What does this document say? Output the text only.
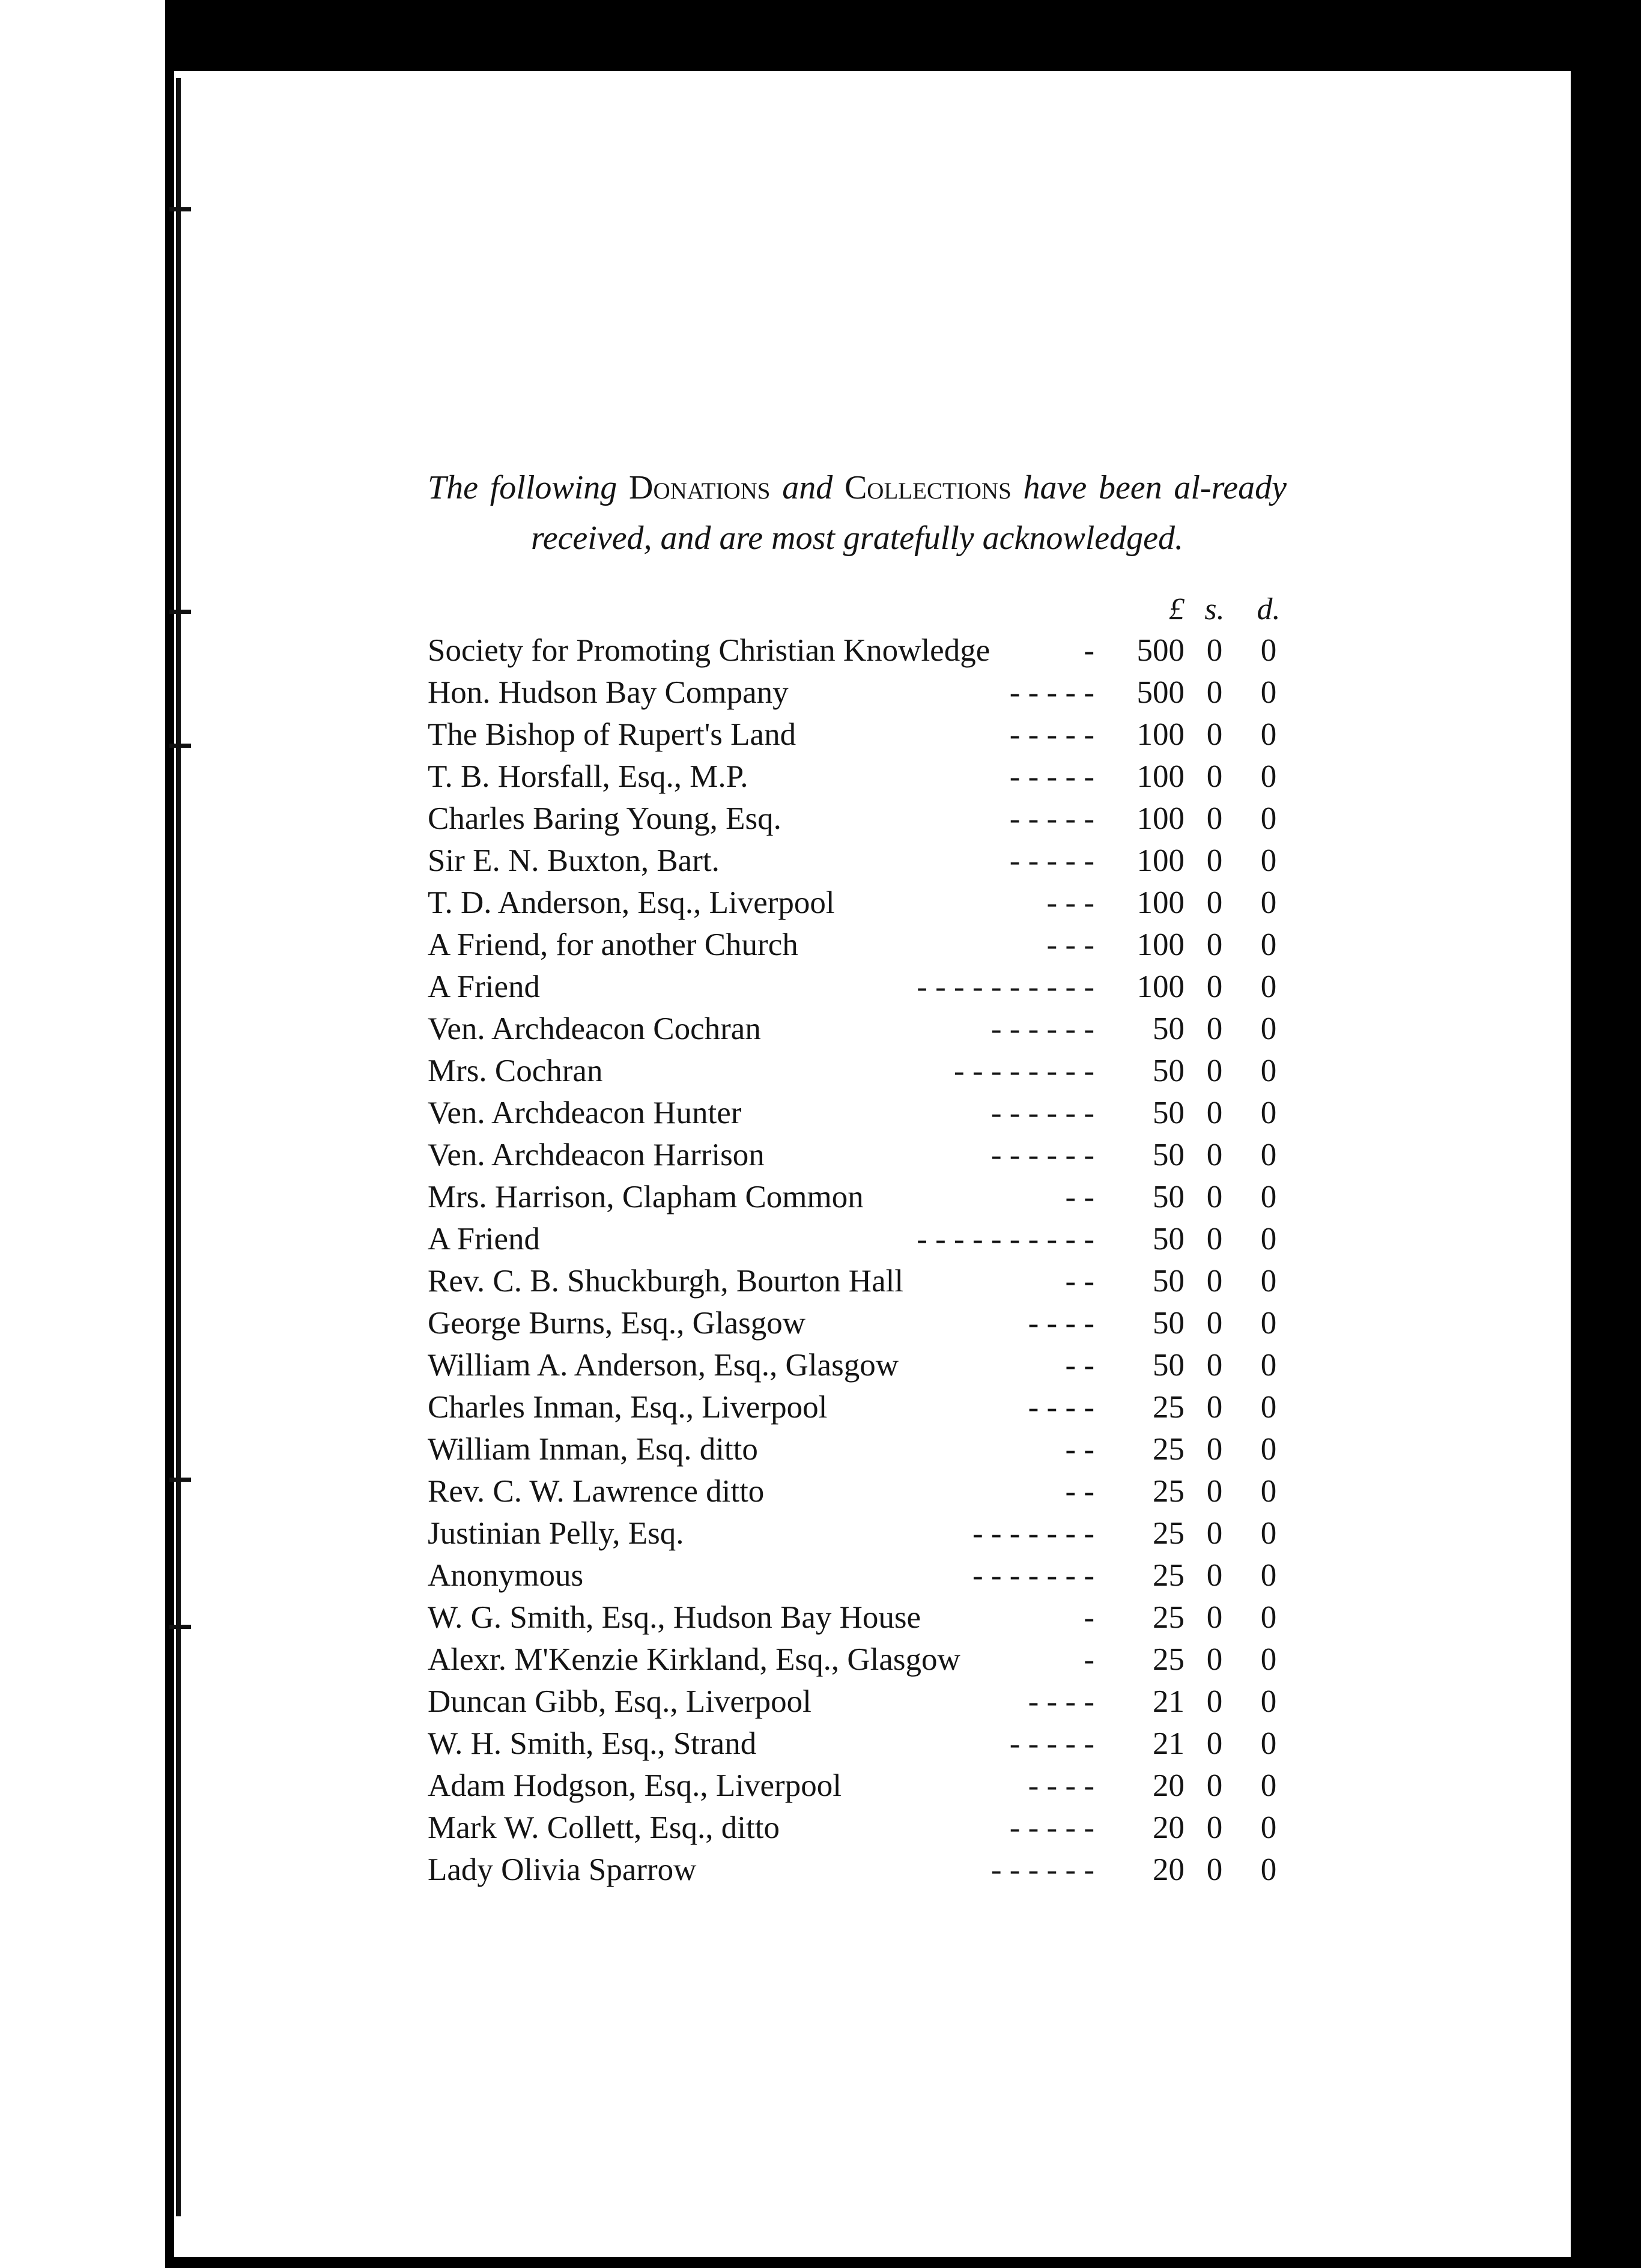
The following Donations and Collections have been al-ready received, and are most gratefully acknowledged.
£ s. d.
Society for Promoting Christian Knowledge	-	500 0	0
Hon. Hudson Bay Company	- - - - -	500 0	0
The Bishop of Rupert's Land	- - - - -	100 0	0
T. B. Horsfall, Esq., M.P.	- - - - -	100 0	0
Charles Baring Young, Esq.	- - - - -	100 0	0
Sir E. N. Buxton, Bart.	- - - - -	100 0	0
T. D. Anderson, Esq., Liverpool	- - -	100 0	0
A Friend, for another Church	- - -	100 0	0
A Friend	- - - - - - - - - -	100 0	0
Ven. Archdeacon Cochran	- - - - - -	50 0	0
Mrs. Cochran	- - - - - - - -	50 0	0
Ven. Archdeacon Hunter	- - - - - -	50 0	0
Ven. Archdeacon Harrison	- - - - - -	50 0	0
Mrs. Harrison, Clapham Common	- -	50 0	0
A Friend	- - - - - - - - - -	50 0	0
Rev. C. B. Shuckburgh, Bourton Hall	- -	50 0	0
George Burns, Esq., Glasgow	- - - -	50 0	0
William A. Anderson, Esq., Glasgow	- -	50 0	0
Charles Inman, Esq., Liverpool	- - - -	25 0	0
William Inman, Esq. ditto	- -	25 0	0
Rev. C. W. Lawrence ditto	- -	25 0	0
Justinian Pelly, Esq.	- - - - - - -	25 0	0
Anonymous	- - - - - - -	25 0	0
W. G. Smith, Esq., Hudson Bay House	-	25 0	0
Alexr. M'Kenzie Kirkland, Esq., Glasgow	-	25 0	0
Duncan Gibb, Esq., Liverpool	- - - -	21 0	0
W. H. Smith, Esq., Strand	- - - - -	21 0	0
Adam Hodgson, Esq., Liverpool	- - - -	20 0	0
Mark W. Collett, Esq., ditto	- - - - -	20 0	0
Lady Olivia Sparrow	- - - - - -	20 0	0
